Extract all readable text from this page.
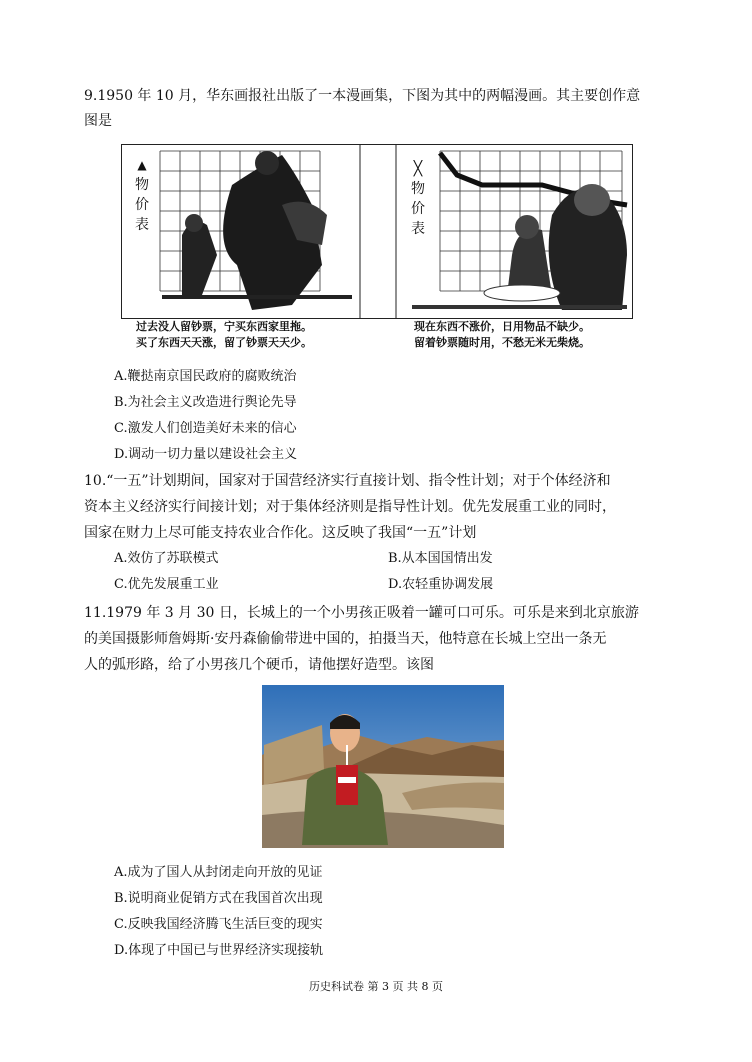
9.1950 年 10 月，华东画报社出版了一本漫画集，下图为其中的两幅漫画。其主要创作意
图是
▲
物
价
表
╳
物
价
表
过去没人留钞票，宁买东西家里拖。
买了东西天天涨，留了钞票天天少。
现在东西不涨价，日用物品不缺少。
留着钞票随时用，不愁无米无柴烧。
A.鞭挞南京国民政府的腐败统治
B.为社会主义改造进行舆论先导
C.激发人们创造美好未来的信心
D.调动一切力量以建设社会主义
10.“一五”计划期间，国家对于国营经济实行直接计划、指令性计划；对于个体经济和
资本主义经济实行间接计划；对于集体经济则是指导性计划。优先发展重工业的同时，
国家在财力上尽可能支持农业合作化。这反映了我国“一五”计划
A.效仿了苏联模式	B.从本国国情出发
C.优先发展重工业	D.农轻重协调发展
11.1979 年 3 月 30 日，长城上的一个小男孩正吸着一罐可口可乐。可乐是来到北京旅游
的美国摄影师詹姆斯·安丹森偷偷带进中国的，拍摄当天，他特意在长城上空出一条无
人的弧形路，给了小男孩几个硬币，请他摆好造型。该图
A.成为了国人从封闭走向开放的见证
B.说明商业促销方式在我国首次出现
C.反映我国经济腾飞生活巨变的现实
D.体现了中国已与世界经济实现接轨
历史科试卷 第 3 页 共 8 页
